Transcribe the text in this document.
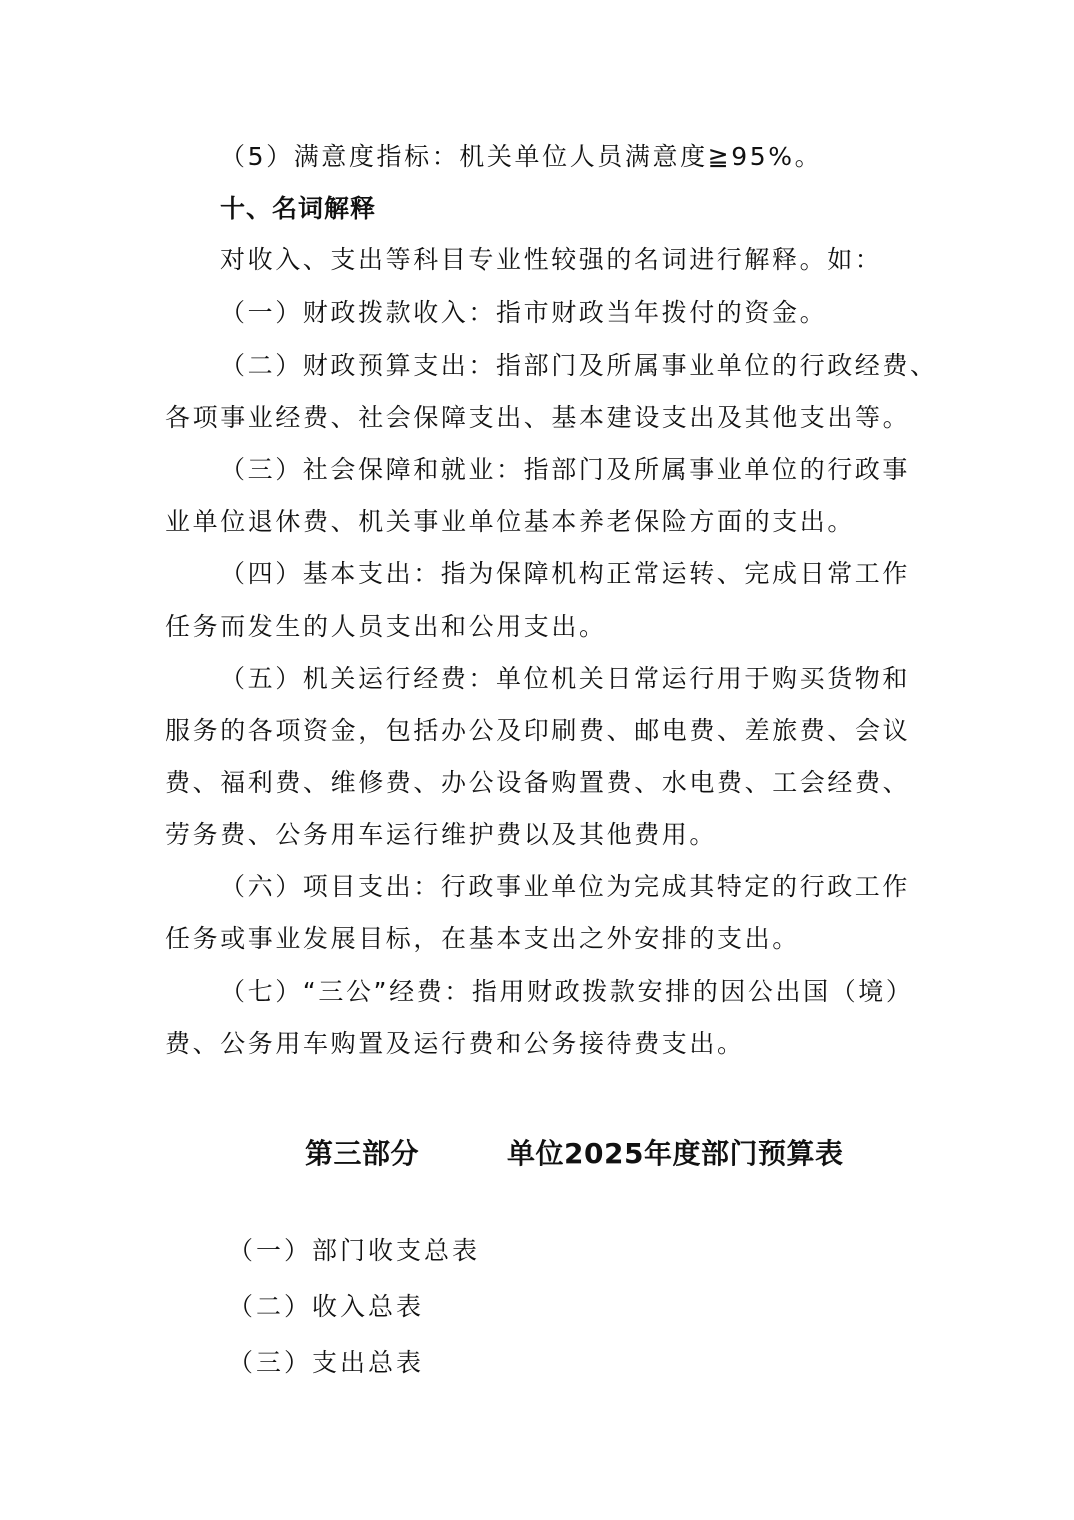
（5）满意度指标：机关单位人员满意度≧95%。
十、名词解释
对收入、支出等科目专业性较强的名词进行解释。如：
（一）财政拨款收入：指市财政当年拨付的资金。
（二）财政预算支出：指部门及所属事业单位的行政经费、
各项事业经费、社会保障支出、基本建设支出及其他支出等。
（三）社会保障和就业：指部门及所属事业单位的行政事
业单位退休费、机关事业单位基本养老保险方面的支出。
（四）基本支出：指为保障机构正常运转、完成日常工作
任务而发生的人员支出和公用支出。
（五）机关运行经费：单位机关日常运行用于购买货物和
服务的各项资金，包括办公及印刷费、邮电费、差旅费、会议
费、福利费、维修费、办公设备购置费、水电费、工会经费、
劳务费、公务用车运行维护费以及其他费用。
（六）项目支出：行政事业单位为完成其特定的行政工作
任务或事业发展目标，在基本支出之外安排的支出。
（七）“三公”经费：指用财政拨款安排的因公出国（境）
费、公务用车购置及运行费和公务接待费支出。
第三部分	单位2025年度部门预算表
（一）部门收支总表
（二）收入总表
（三）支出总表
